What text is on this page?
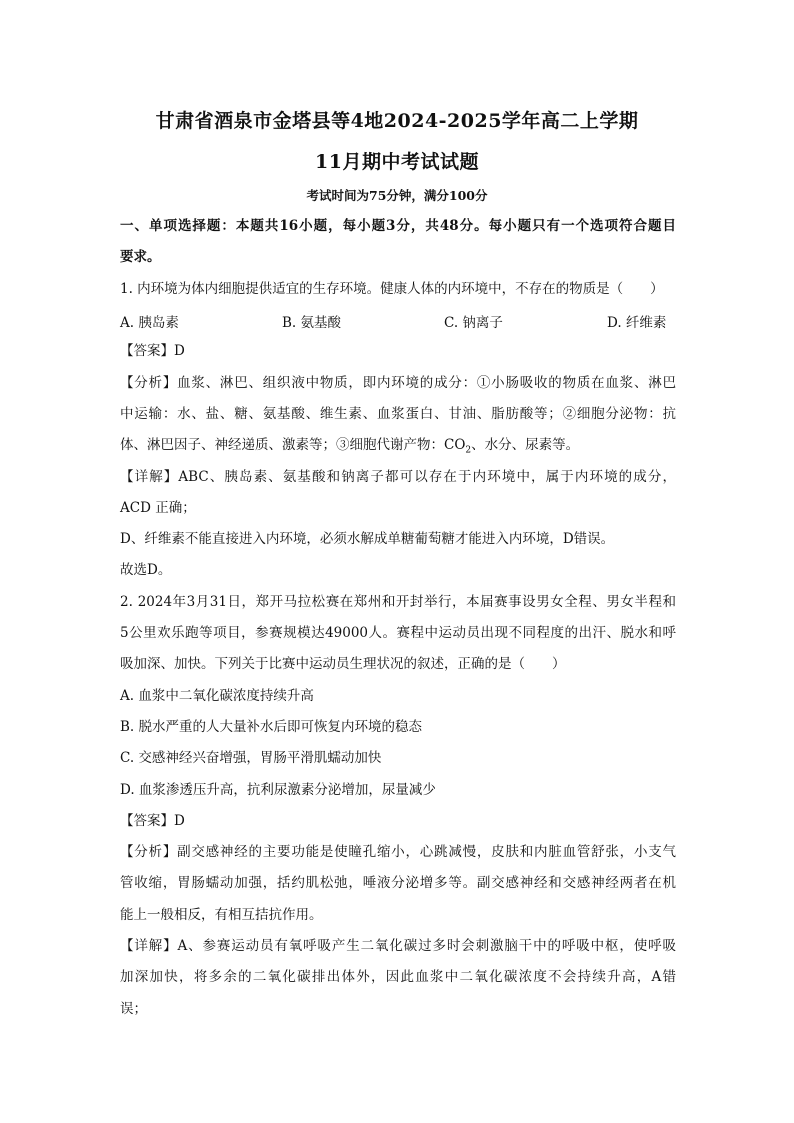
甘肃省酒泉市金塔县等4地2024-2025学年高二上学期
11月期中考试试题
考试时间为75分钟，满分100分
一、单项选择题：本题共16小题，每小题3分，共48分。每小题只有一个选项符合题目
要求。
1. 内环境为体内细胞提供适宜的生存环境。健康人体的内环境中，不存在的物质是（　　）
A. 胰岛素	B. 氨基酸	C. 钠离子	D. 纤维素
【答案】D
【分析】血浆、淋巴、组织液中物质，即内环境的成分：①小肠吸收的物质在血浆、淋巴
中运输：水、盐、糖、氨基酸、维生素、血浆蛋白、甘油、脂肪酸等；②细胞分泌物：抗
体、淋巴因子、神经递质、激素等；③细胞代谢产物：$CO_2$、水分、尿素等。
【详解】ABC、胰岛素、氨基酸和钠离子都可以存在于内环境中，属于内环境的成分，
ACD 正确；
D、纤维素不能直接进入内环境，必须水解成单糖葡萄糖才能进入内环境，D错误。
故选D。
2. 2024年3月31日，郑开马拉松赛在郑州和开封举行，本届赛事设男女全程、男女半程和
5公里欢乐跑等项目，参赛规模达49000人。赛程中运动员出现不同程度的出汗、脱水和呼
吸加深、加快。下列关于比赛中运动员生理状况的叙述，正确的是（　　）
A. 血浆中二氧化碳浓度持续升高
B. 脱水严重的人大量补水后即可恢复内环境的稳态
C. 交感神经兴奋增强，胃肠平滑肌蠕动加快
D. 血浆渗透压升高，抗利尿激素分泌增加，尿量减少
【答案】D
【分析】副交感神经的主要功能是使瞳孔缩小，心跳减慢，皮肤和内脏血管舒张，小支气
管收缩，胃肠蠕动加强，括约肌松弛，唾液分泌增多等。副交感神经和交感神经两者在机
能上一般相反，有相互拮抗作用。
【详解】A、参赛运动员有氧呼吸产生二氧化碳过多时会刺激脑干中的呼吸中枢，使呼吸
加深加快，将多余的二氧化碳排出体外，因此血浆中二氧化碳浓度不会持续升高，A错
误；
